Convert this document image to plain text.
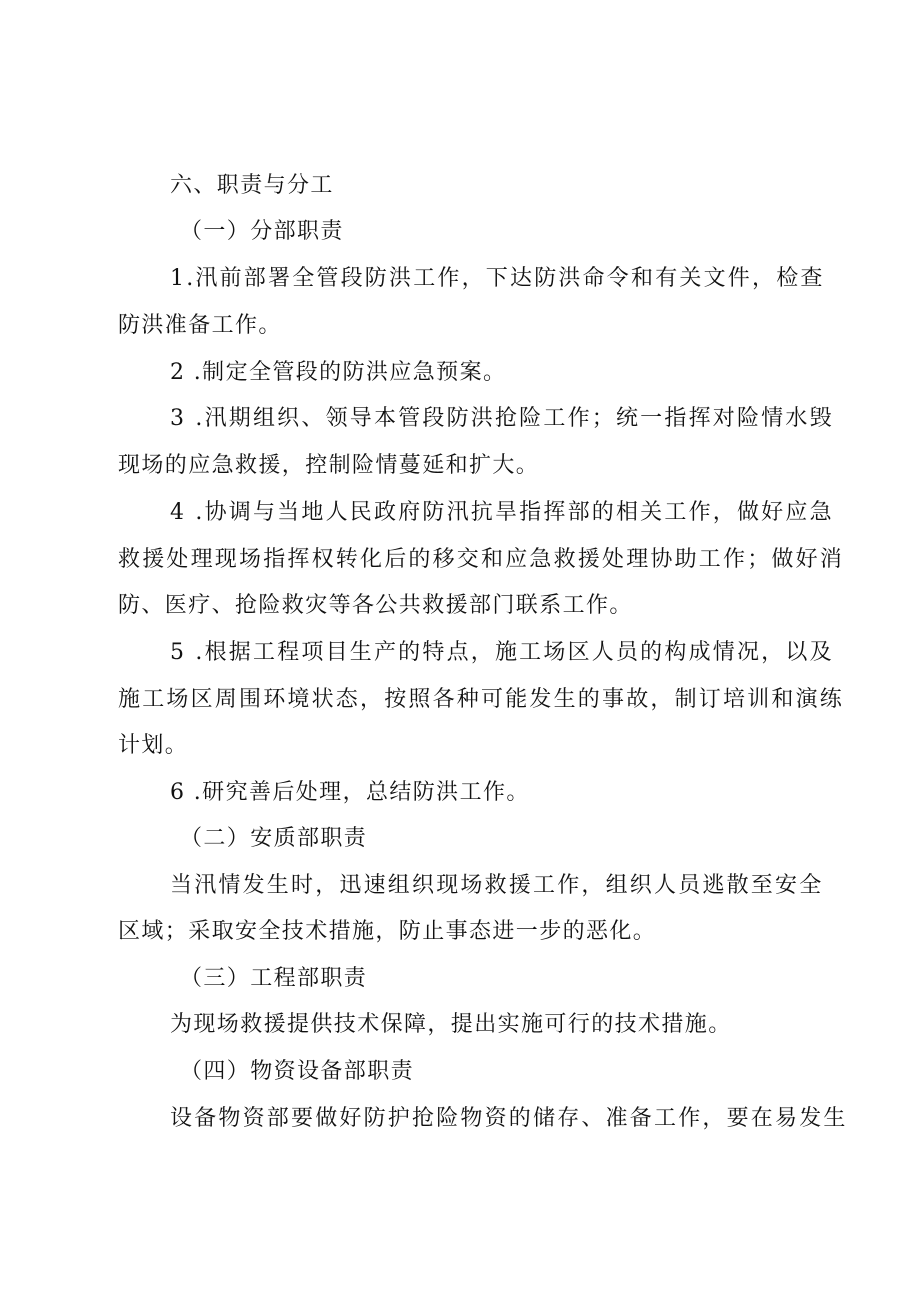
六、职责与分工
（一）分部职责
1.汛前部署全管段防洪工作，下达防洪命令和有关文件，检查
防洪准备工作。
2 .制定全管段的防洪应急预案。
3 .汛期组织、领导本管段防洪抢险工作；统一指挥对险情水毁
现场的应急救援，控制险情蔓延和扩大。
4 .协调与当地人民政府防汛抗旱指挥部的相关工作，做好应急
救援处理现场指挥权转化后的移交和应急救援处理协助工作；做好消
防、医疗、抢险救灾等各公共救援部门联系工作。
5 .根据工程项目生产的特点，施工场区人员的构成情况，以及
施工场区周围环境状态，按照各种可能发生的事故，制订培训和演练
计划。
6 .研究善后处理，总结防洪工作。
（二）安质部职责
当汛情发生时，迅速组织现场救援工作，组织人员逃散至安全
区域；采取安全技术措施，防止事态进一步的恶化。
（三）工程部职责
为现场救援提供技术保障，提出实施可行的技术措施。
（四）物资设备部职责
设备物资部要做好防护抢险物资的储存、准备工作，要在易发生
